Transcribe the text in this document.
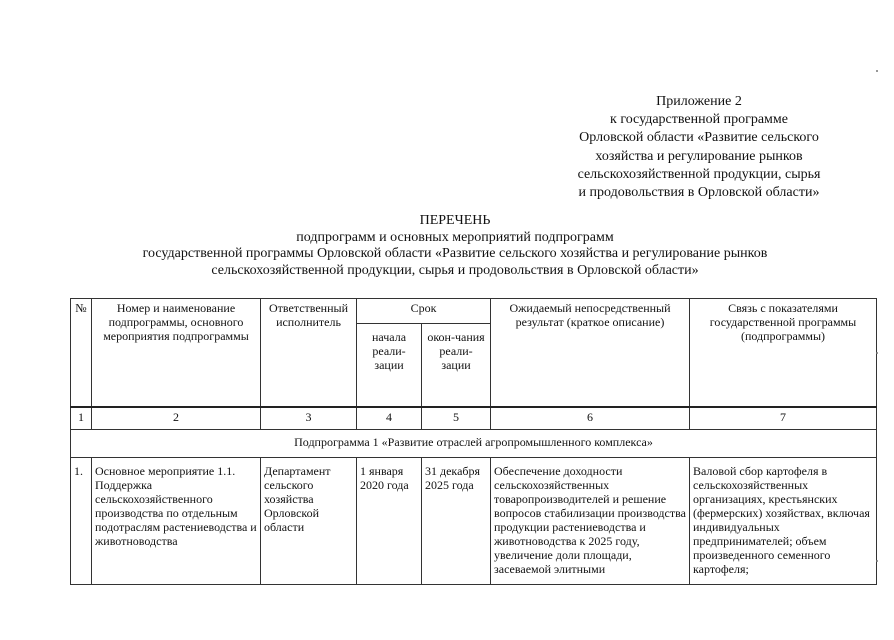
Приложение 2
к государственной программе
Орловской области «Развитие сельского
хозяйства и регулирование рынков
сельскохозяйственной продукции, сырья
и продовольствия в Орловской области»
ПЕРЕЧЕНЬ
подпрограмм и основных мероприятий подпрограмм
государственной программы Орловской области «Развитие сельского хозяйства и регулирование рынков
сельскохозяйственной продукции, сырья и продовольствия в Орловской области»
№	Номер и наименование подпрограммы, основного мероприятия подпрограммы	Ответственный исполнитель	Срок		Ожидаемый непосредственный результат (краткое описание)	Связь с показателями государственной программы (подпрограммы)
			начала реали-зации	окон-чания реали-зации		
1	2	3	4	5	6	7
Подпрограмма 1 «Развитие отраслей агропромышленного комплекса»						
1.	Основное мероприятие 1.1. Поддержка сельскохозяйственного производства по отдельным подотраслям растениеводства и животноводства	Департамент сельского хозяйства Орловской области	1 января 2020 года	31 декабря 2025 года	Обеспечение доходности сельскохозяйственных товаропроизводителей и решение вопросов стабилизации производства продукции растениеводства и животноводства к 2025 году, увеличение доли площади, засеваемой элитными	Валовой сбор картофеля в сельскохозяйственных организациях, крестьянских (фермерских) хозяйствах, включая индивидуальных предпринимателей; объем произведенного семенного картофеля;
